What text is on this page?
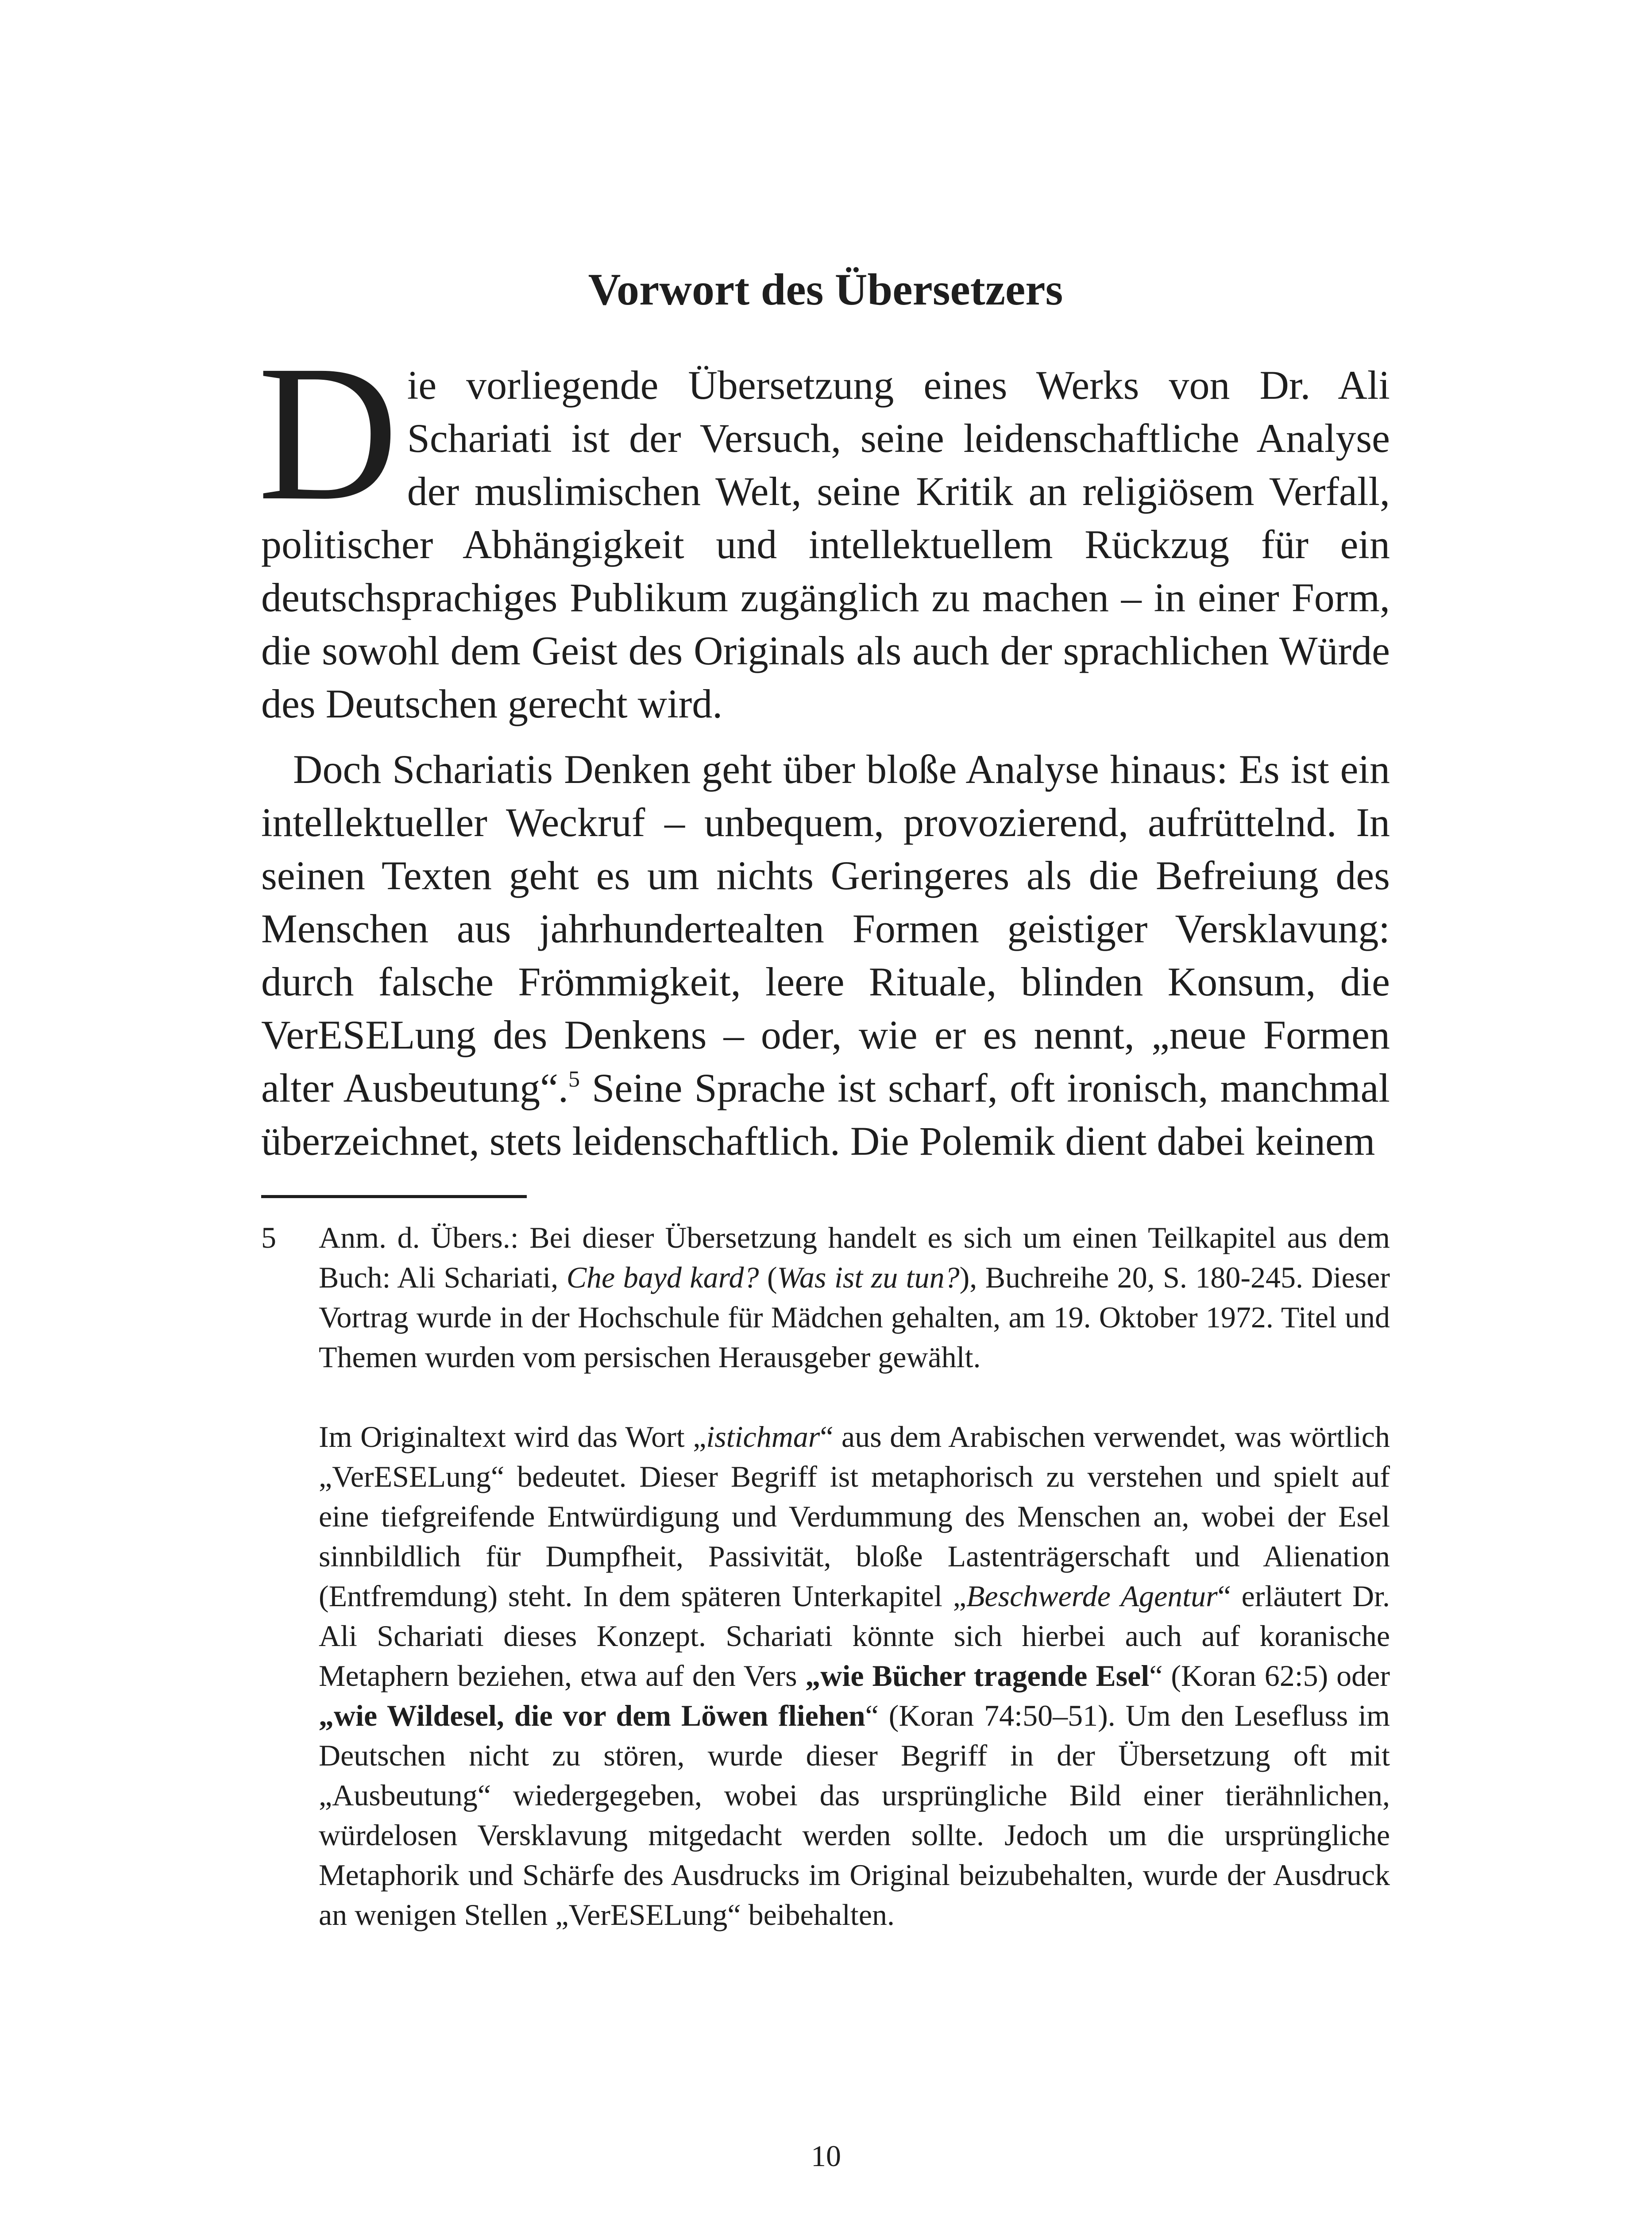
Vorwort des Übersetzers

Die vorliegende Übersetzung eines Werks von Dr. Ali Schariati ist der Versuch, seine leidenschaftliche Analyse der muslimischen Welt, seine Kritik an religiösem Verfall, politischer Abhängigkeit und intellektuellem Rückzug für ein deutschsprachiges Publikum zugänglich zu machen – in einer Form, die sowohl dem Geist des Originals als auch der sprachlichen Würde des Deutschen gerecht wird.

Doch Schariatis Denken geht über bloße Analyse hinaus: Es ist ein intellektueller Weckruf – unbequem, provozierend, aufrüttelnd. In seinen Texten geht es um nichts Geringeres als die Befreiung des Menschen aus jahrhundertealten Formen geistiger Versklavung: durch falsche Frömmigkeit, leere Rituale, blinden Konsum, die VerESELung des Denkens – oder, wie er es nennt, „neue Formen alter Ausbeutung“.$^5$ Seine Sprache ist scharf, oft ironisch, manchmal überzeichnet, stets leidenschaftlich. Die Polemik dient dabei keinem

5 Anm. d. Übers.: Bei dieser Übersetzung handelt es sich um einen Teilkapitel aus dem Buch: Ali Schariati, Che bayd kard? (Was ist zu tun?), Buchreihe 20, S. 180-245. Dieser Vortrag wurde in der Hochschule für Mädchen gehalten, am 19. Oktober 1972. Titel und Themen wurden vom persischen Herausgeber gewählt.

Im Originaltext wird das Wort „istichmar“ aus dem Arabischen verwendet, was wörtlich „VerESELung“ bedeutet. Dieser Begriff ist metaphorisch zu verstehen und spielt auf eine tiefgreifende Entwürdigung und Verdummung des Menschen an, wobei der Esel sinnbildlich für Dumpfheit, Passivität, bloße Lastenträgerschaft und Alienation (Entfremdung) steht. In dem späteren Unterkapitel „Beschwerde Agentur“ erläutert Dr. Ali Schariati dieses Konzept. Schariati könnte sich hierbei auch auf koranische Metaphern beziehen, etwa auf den Vers „wie Bücher tragende Esel“ (Koran 62:5) oder „wie Wildesel, die vor dem Löwen fliehen“ (Koran 74:50–51). Um den Lesefluss im Deutschen nicht zu stören, wurde dieser Begriff in der Übersetzung oft mit „Ausbeutung“ wiedergegeben, wobei das ursprüngliche Bild einer tierähnlichen, würdelosen Versklavung mitgedacht werden sollte. Jedoch um die ursprüngliche Metaphorik und Schärfe des Ausdrucks im Original beizubehalten, wurde der Ausdruck an wenigen Stellen „VerESELung“ beibehalten.

10
